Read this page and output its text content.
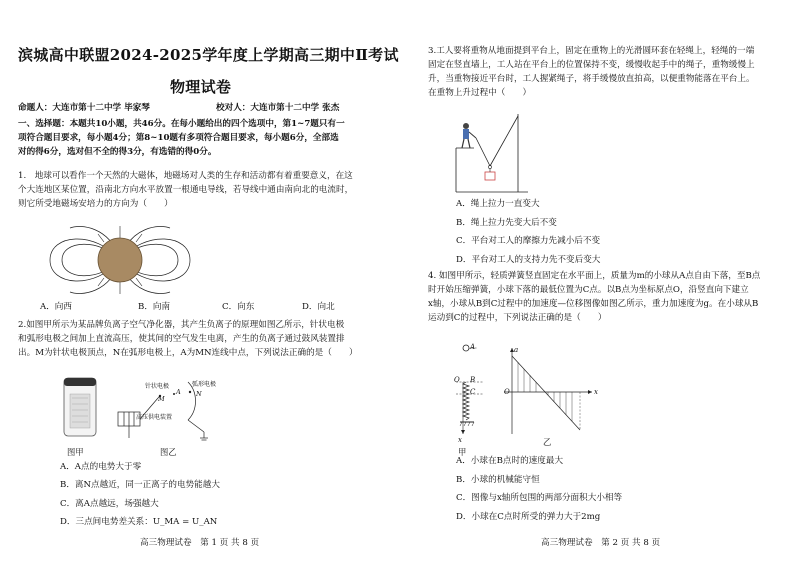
滨城高中联盟2024-2025学年度上学期高三期中Ⅱ考试
物理试卷
命题人：大连市第十二中学 毕家琴	校对人：大连市第十二中学 张杰
一、选择题：本题共10小题，共46分。在每小题给出的四个选项中，第1~7题只有一
项符合题目要求，每小题4分；第8~10题有多项符合题目要求，每小题6分，全部选
对的得6分，选对但不全的得3分，有选错的得0分。
1.　地球可以看作一个天然的大磁体，地磁场对人类的生存和活动都有着重要意义，在这
个大连地区某位置，沿南北方向水平放置一根通电导线，若导线中通由南向北的电流时，
则它所受地磁场安培力的方向为（　　）
A．向西	B．向南	C．向东	D．向北
2.如图甲所示为某品牌负离子空气净化器，其产生负离子的原理如图乙所示，针状电极
和弧形电极之间加上直流高压，使其间的空气发生电离，产生的负离子通过鼓风装置排
出。M为针状电极顶点，N在弧形电极上，A为MN连线中点，下列说法正确的是（　　）
图甲
针状电极	弧形电极
高压供电装置
M
A N
图乙
A．A点的电势大于零
B．离N点越近，同一正离子的电势能越大
C．离A点越远，场强越大
D．三点间电势差关系：U_MA = U_AN
高三物理试卷　第 1 页 共 8 页
3.工人要将重物从地面提到平台上，固定在重物上的光滑圆环套在轻绳上，轻绳的一端
固定在竖直墙上，工人站在平台上的位置保持不变，缓慢收起手中的绳子，重物缓慢上
升，当重物接近平台时，工人握紧绳子，将手缓慢放直拍高，以便重物能落在平台上。
在重物上升过程中（　　）
A．绳上拉力一直变大
B．绳上拉力先变大后不变
C．平台对工人的摩擦力先减小后不变
D．平台对工人的支持力先不变后变大
4. 如图甲所示，轻质弹簧竖直固定在水平面上，质量为m的小球从A点自由下落，至B点
时开始压缩弹簧，小球下落的最低位置为C点。以B点为坐标原点O，沿竖直向下建立
x轴，小球从B到C过程中的加速度—位移图像如图乙所示，重力加速度为g。在小球从B
运动到C的过程中，下列说法正确的是（　　）
A
B
C
O
x
甲
a
O	x
乙
A．小球在B点时的速度最大
B．小球的机械能守恒
C．图像与x轴所包围的两部分面积大小相等
D．小球在C点时所受的弹力大于2mg
高三物理试卷　第 2 页 共 8 页
